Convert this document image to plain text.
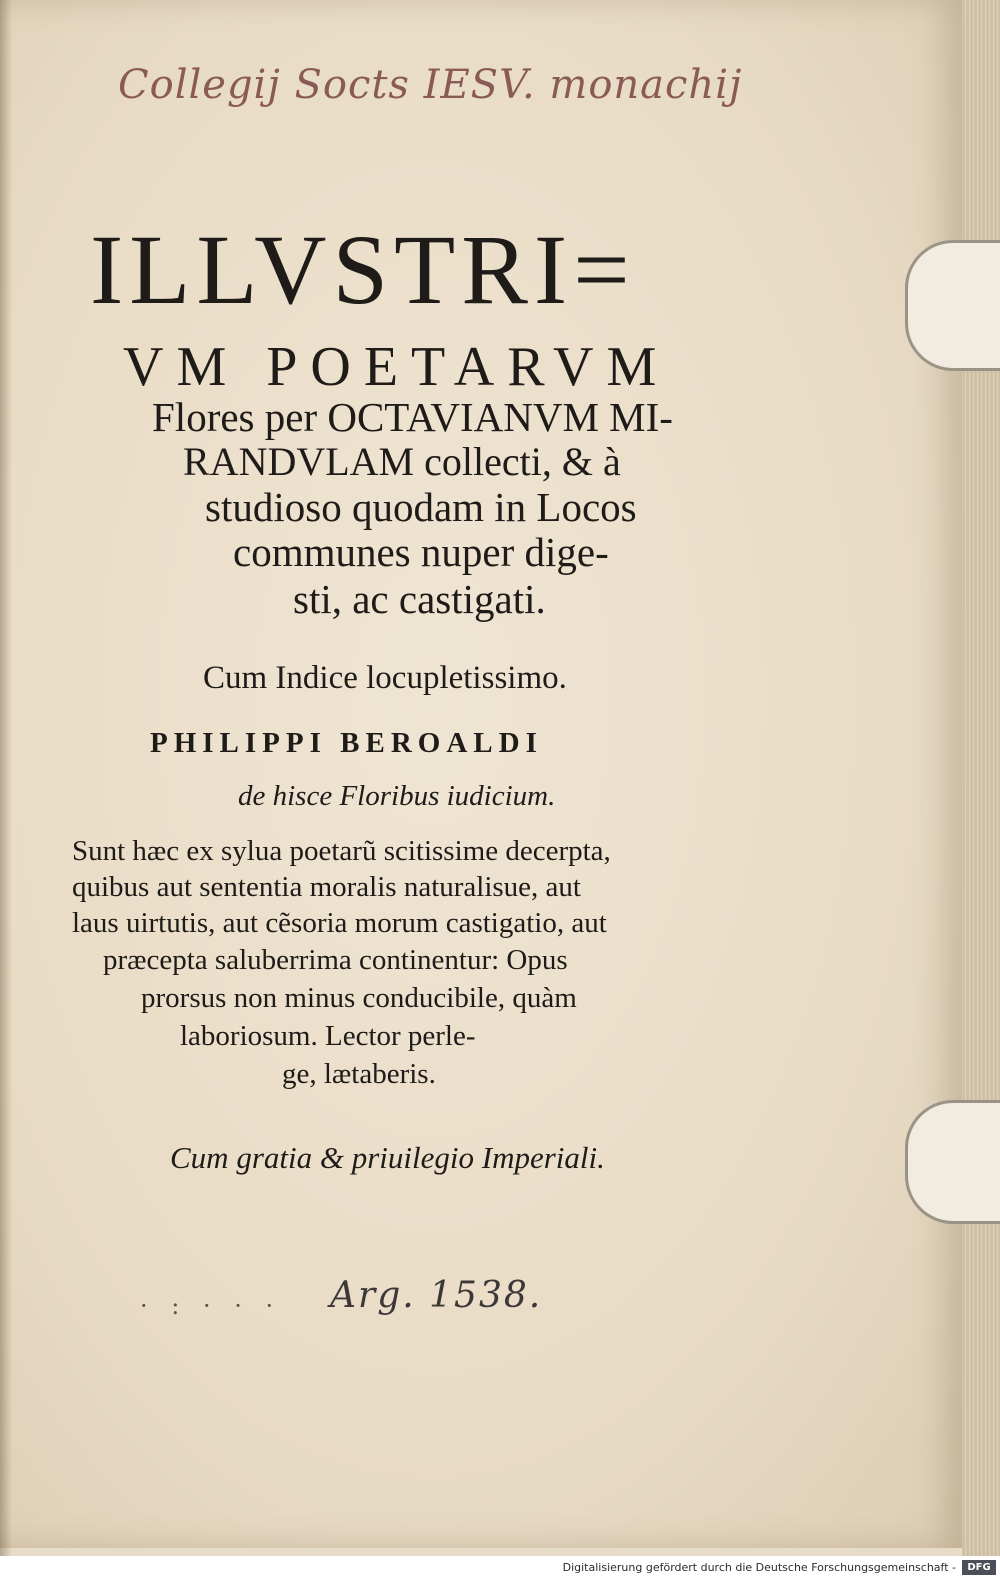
Collegij Socts IESV. monachij
ILLVSTRI=
VM POETARVM
Flores per OCTAVIANVM MI-
RANDVLAM collecti, & à
studioso quodam in Locos
communes nuper dige-
sti, ac castigati.
Cum Indice locupletissimo.
PHILIPPI BEROALDI
de hisce Floribus iudicium.
Sunt hæc ex sylua poetarũ scitissime decerpta,
quibus aut sententia moralis naturalisue, aut
laus uirtutis, aut cẽsoria morum castigatio, aut
præcepta saluberrima continentur: Opus
prorsus non minus conducibile, quàm
laboriosum. Lector perle-
ge, lætaberis.
Cum gratia & priuilegio Imperiali.
· : · · · Arg. 1538.
Digitalisierung gefördert durch die Deutsche Forschungsgemeinschaft -	DFG
